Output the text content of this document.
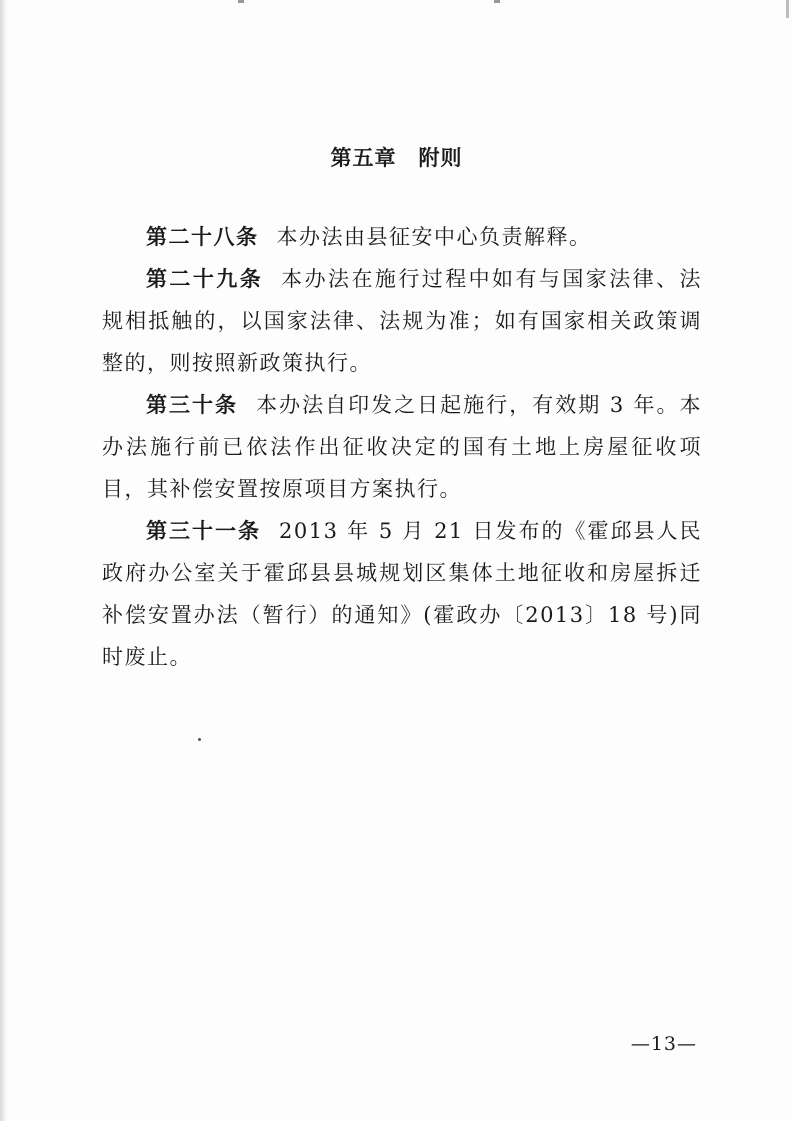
第五章　附则

第二十八条 本办法由县征安中心负责解释。

第二十九条 本办法在施行过程中如有与国家法律、法规相抵触的，以国家法律、法规为准；如有国家相关政策调整的，则按照新政策执行。

第三十条 本办法自印发之日起施行，有效期 3 年。本办法施行前已依法作出征收决定的国有土地上房屋征收项目，其补偿安置按原项目方案执行。

第三十一条 2013 年 5 月 21 日发布的《霍邱县人民政府办公室关于霍邱县县城规划区集体土地征收和房屋拆迁补偿安置办法（暂行）的通知》(霍政办〔2013〕18 号)同时废止。

—13—
